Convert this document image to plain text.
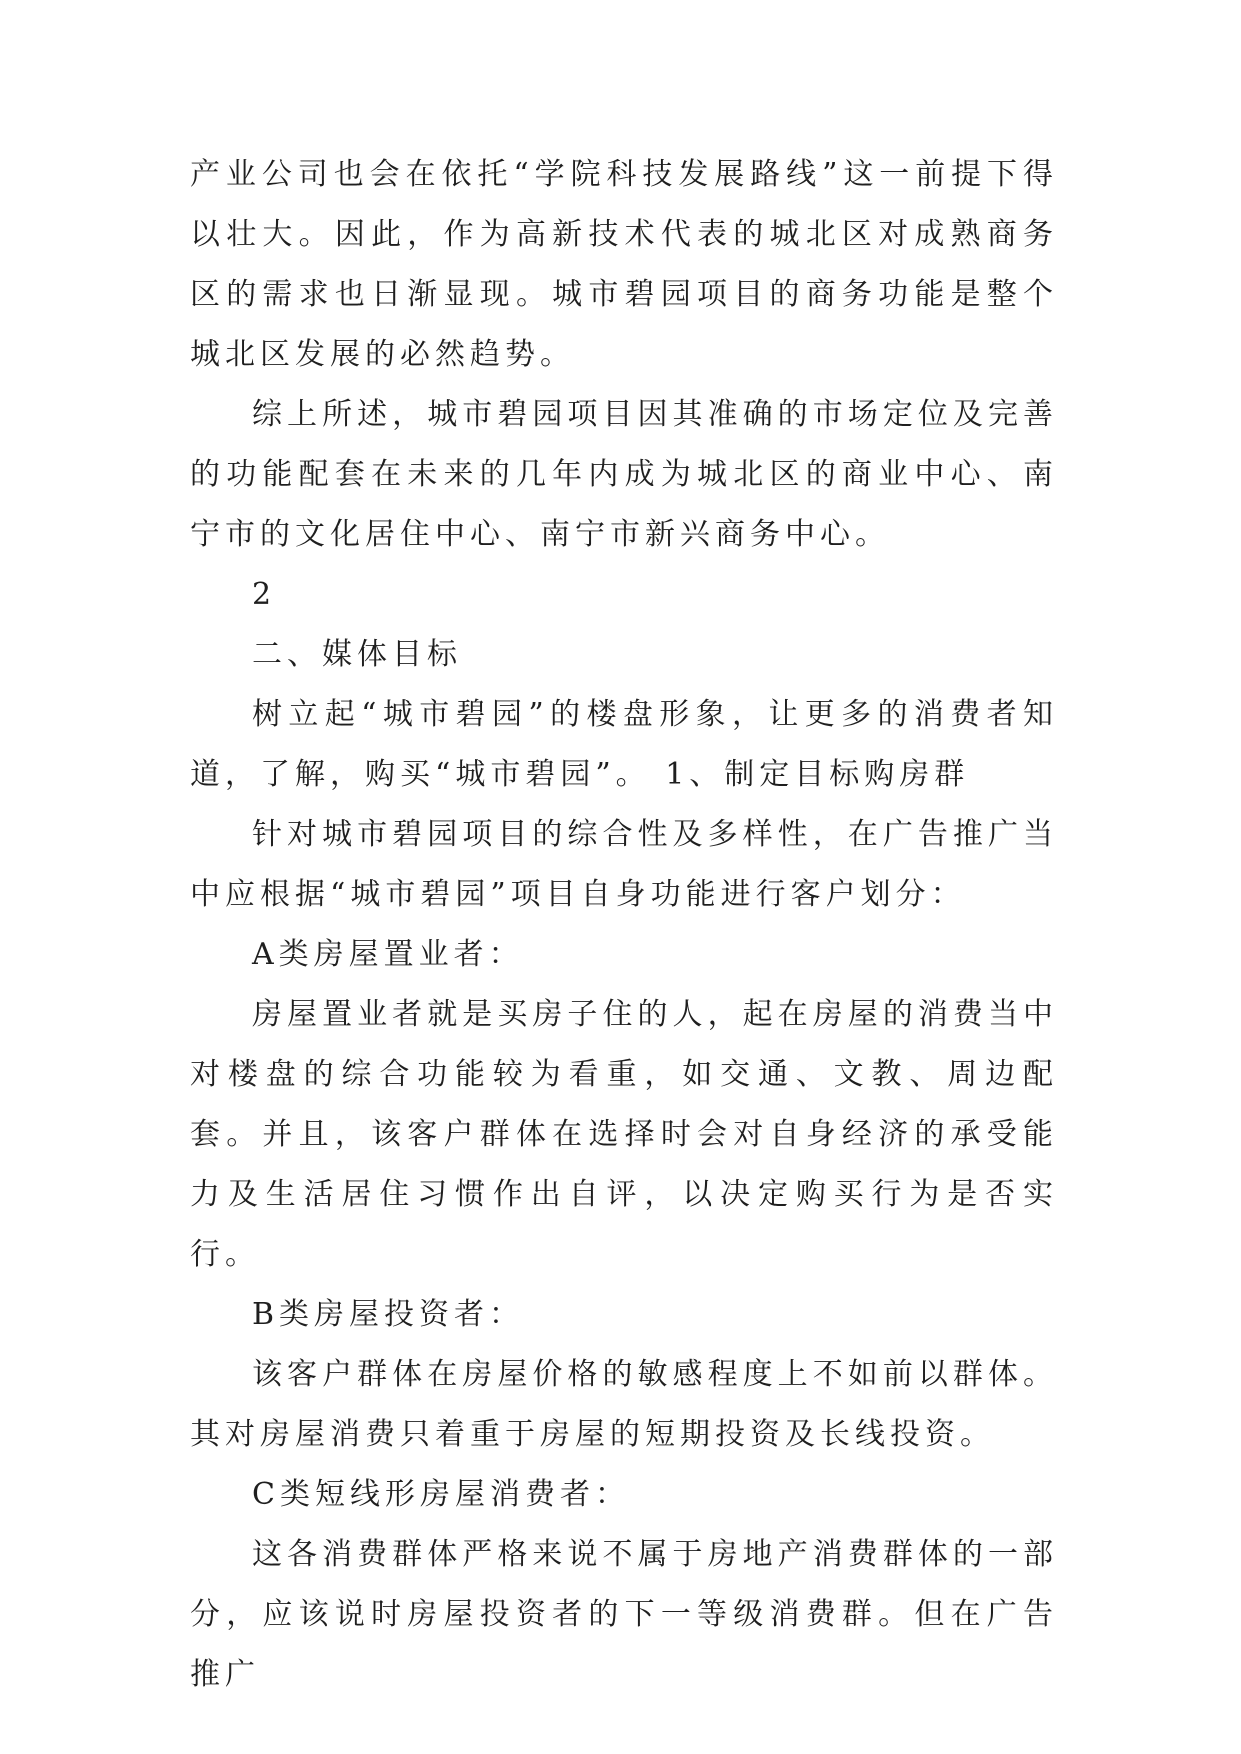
产业公司也会在依托“学院科技发展路线”这一前提下得以壮大。因此，作为高新技术代表的城北区对成熟商务区的需求也日渐显现。城市碧园项目的商务功能是整个城北区发展的必然趋势。

综上所述，城市碧园项目因其准确的市场定位及完善的功能配套在未来的几年内成为城北区的商业中心、南宁市的文化居住中心、南宁市新兴商务中心。

2

二、媒体目标

树立起“城市碧园”的楼盘形象，让更多的消费者知道，了解，购买“城市碧园”。 1、制定目标购房群

针对城市碧园项目的综合性及多样性，在广告推广当中应根据“城市碧园”项目自身功能进行客户划分：

A类房屋置业者：

房屋置业者就是买房子住的人，起在房屋的消费当中对楼盘的综合功能较为看重，如交通、文教、周边配套。并且，该客户群体在选择时会对自身经济的承受能力及生活居住习惯作出自评，以决定购买行为是否实行。

B类房屋投资者：

该客户群体在房屋价格的敏感程度上不如前以群体。其对房屋消费只着重于房屋的短期投资及长线投资。

C类短线形房屋消费者：

这各消费群体严格来说不属于房地产消费群体的一部分，应该说时房屋投资者的下一等级消费群。但在广告推广
